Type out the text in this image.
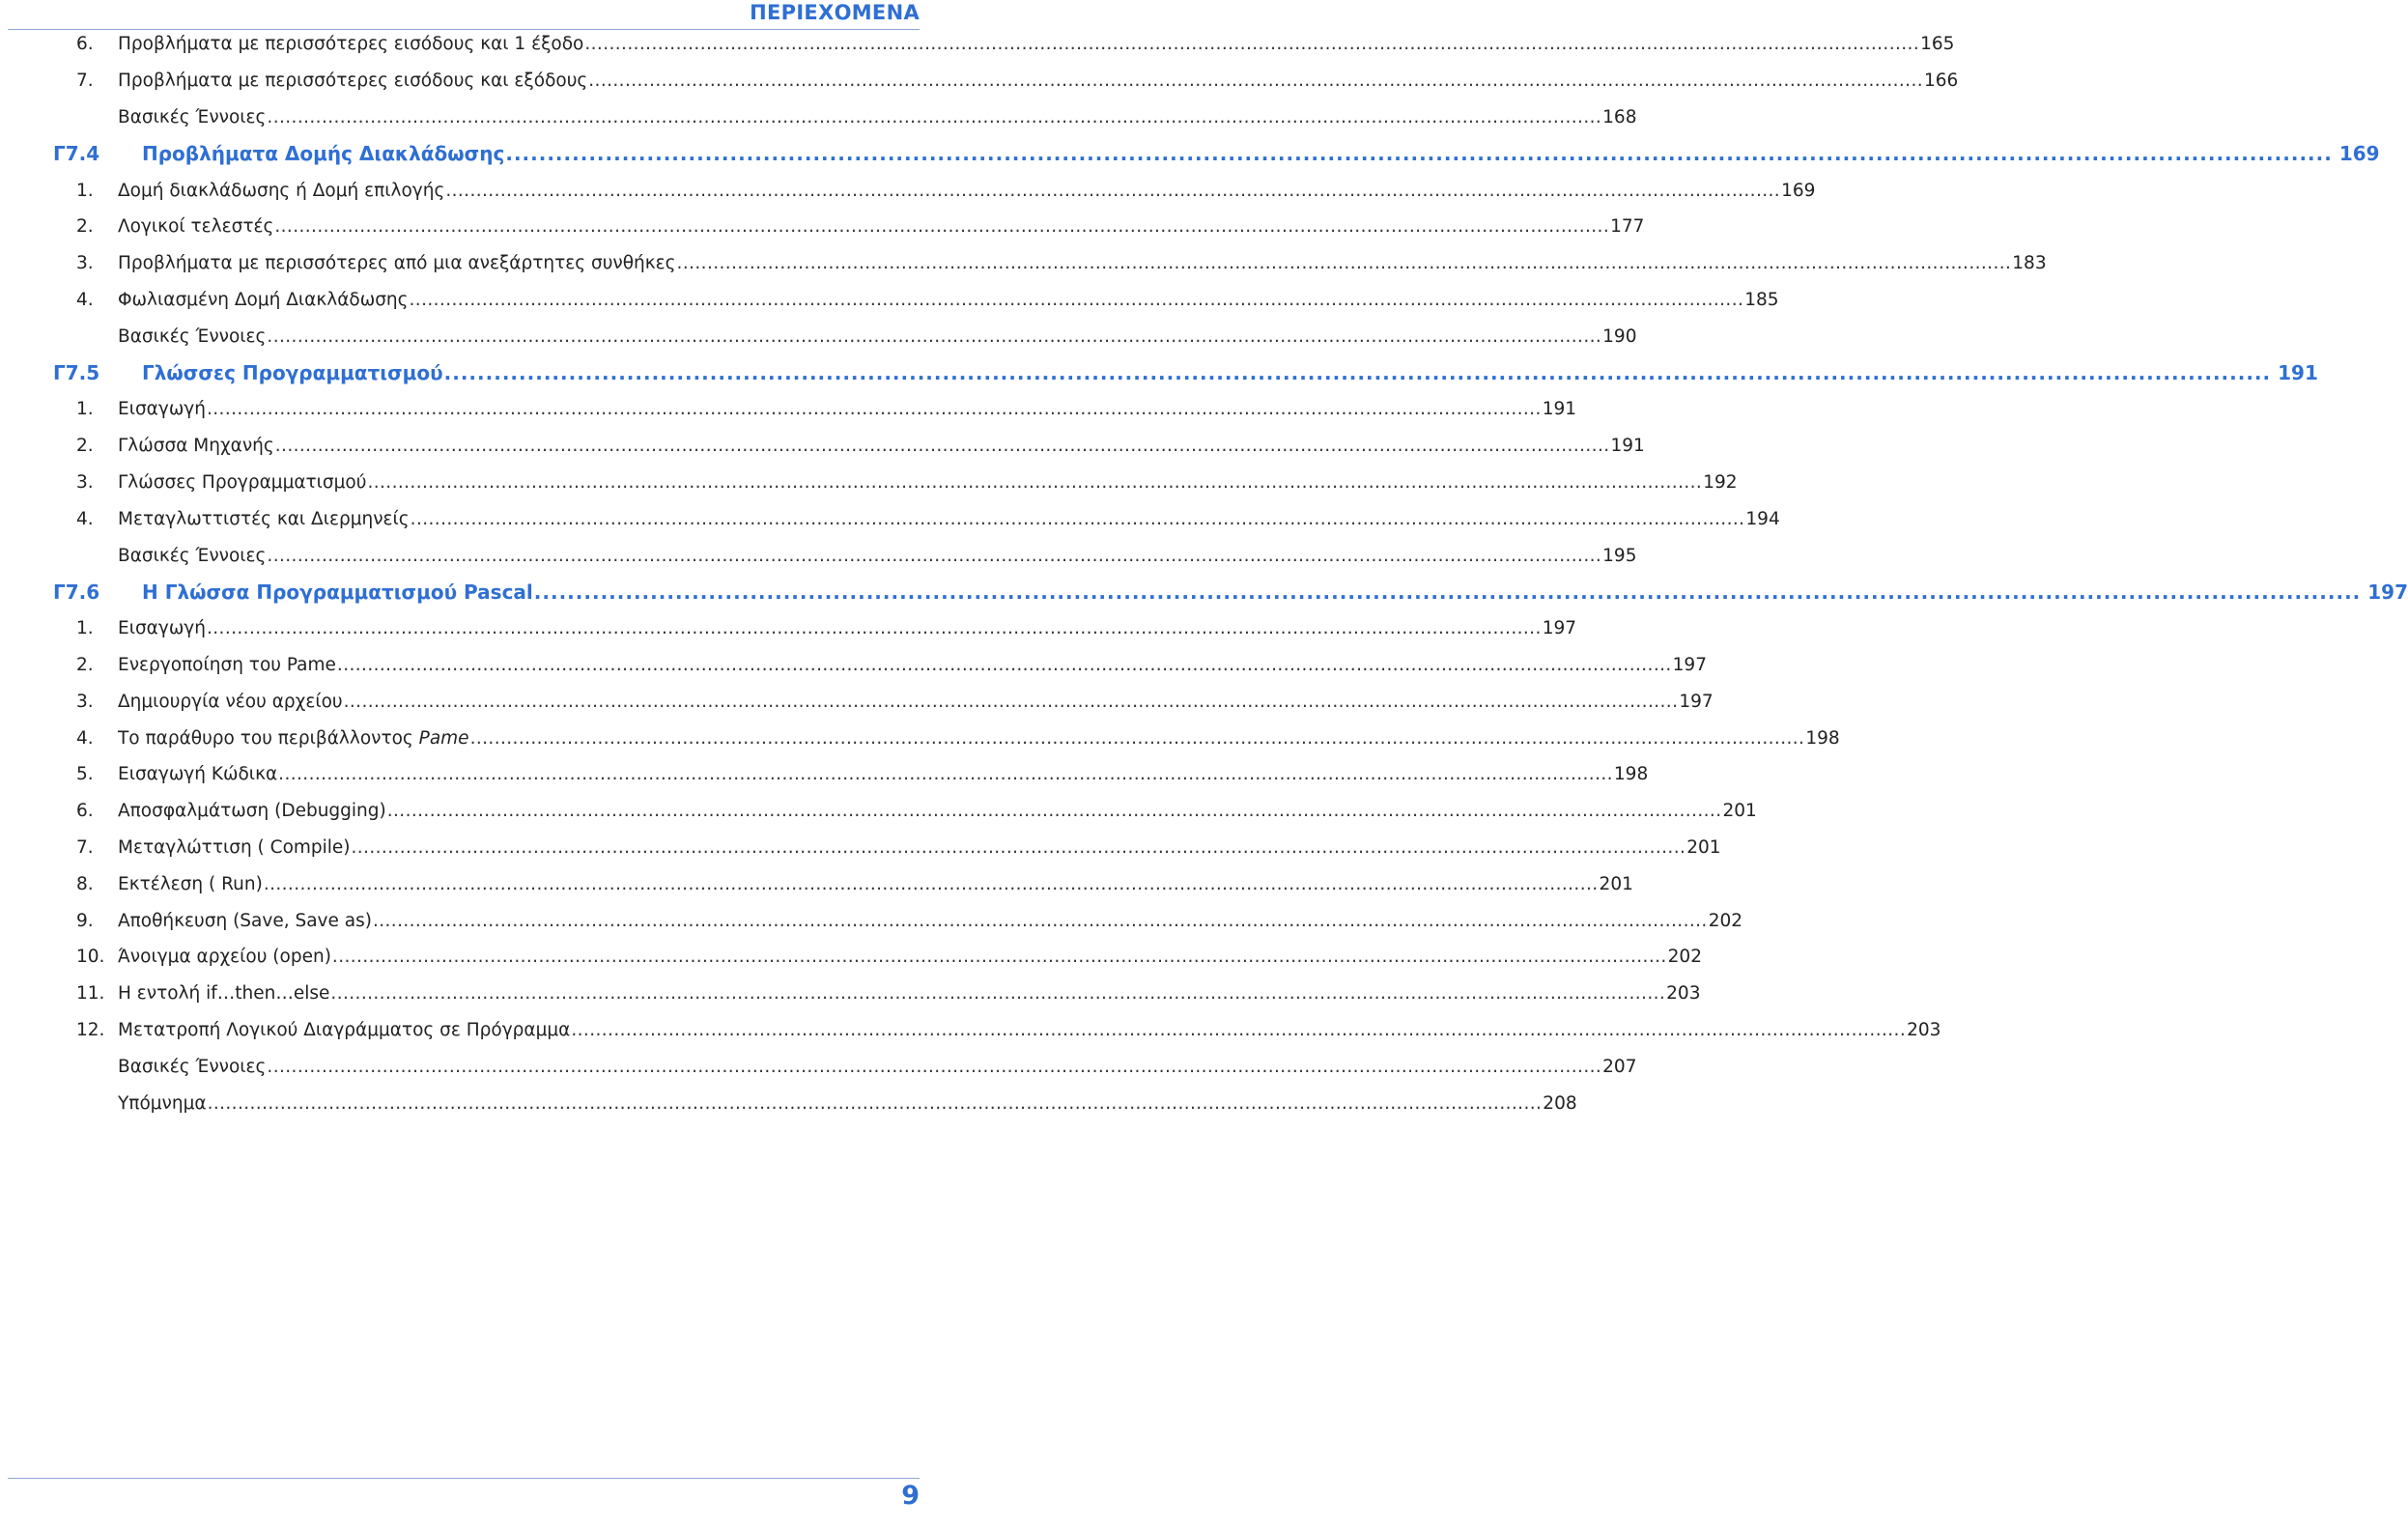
ΠΕΡΙΕΧΟΜΕΝΑ
6.	Προβλήματα με περισσότερες εισόδους και 1 έξοδο ............................................................................................................................................................................................................................ 165
7.	Προβλήματα με περισσότερες εισόδους και εξόδους ............................................................................................................................................................................................................................ 166
Βασικές Έννοιες ............................................................................................................................................................................................................................ 168
Γ7.4	Προβλήματα Δομής Διακλάδωσης ............................................................................................................................................................................................................................ 169
1.	Δομή διακλάδωσης ή Δομή επιλογής ............................................................................................................................................................................................................................ 169
2.	Λογικοί τελεστές ............................................................................................................................................................................................................................ 177
3.	Προβλήματα με περισσότερες από μια ανεξάρτητες συνθήκες ............................................................................................................................................................................................................................ 183
4.	Φωλιασμένη Δομή Διακλάδωσης ............................................................................................................................................................................................................................ 185
Βασικές Έννοιες ............................................................................................................................................................................................................................ 190
Γ7.5	Γλώσσες Προγραμματισμού ............................................................................................................................................................................................................................ 191
1.	Εισαγωγή ............................................................................................................................................................................................................................ 191
2.	Γλώσσα Μηχανής ............................................................................................................................................................................................................................ 191
3.	Γλώσσες Προγραμματισμού ............................................................................................................................................................................................................................ 192
4.	Μεταγλωττιστές και Διερμηνείς ............................................................................................................................................................................................................................ 194
Βασικές Έννοιες ............................................................................................................................................................................................................................ 195
Γ7.6	Η Γλώσσα Προγραμματισμού Pascal ............................................................................................................................................................................................................................ 197
1.	Εισαγωγή ............................................................................................................................................................................................................................ 197
2.	Ενεργοποίηση του Pame ............................................................................................................................................................................................................................ 197
3.	Δημιουργία νέου αρχείου ............................................................................................................................................................................................................................ 197
4.	Το παράθυρο του περιβάλλοντος Pame ............................................................................................................................................................................................................................ 198
5.	Εισαγωγή Κώδικα ............................................................................................................................................................................................................................ 198
6.	Αποσφαλμάτωση (Debugging) ............................................................................................................................................................................................................................ 201
7.	Μεταγλώττιση ( Compile) ............................................................................................................................................................................................................................ 201
8.	Εκτέλεση ( Run) ............................................................................................................................................................................................................................ 201
9.	Αποθήκευση (Save, Save as) ............................................................................................................................................................................................................................ 202
10. Άνοιγμα αρχείου (open) ............................................................................................................................................................................................................................ 202
11. Η εντολή if…then…else ............................................................................................................................................................................................................................ 203
12. Μετατροπή Λογικού Διαγράμματος σε Πρόγραμμα ............................................................................................................................................................................................................................ 203
Βασικές Έννοιες ............................................................................................................................................................................................................................ 207
Υπόμνημα ............................................................................................................................................................................................................................ 208
9
